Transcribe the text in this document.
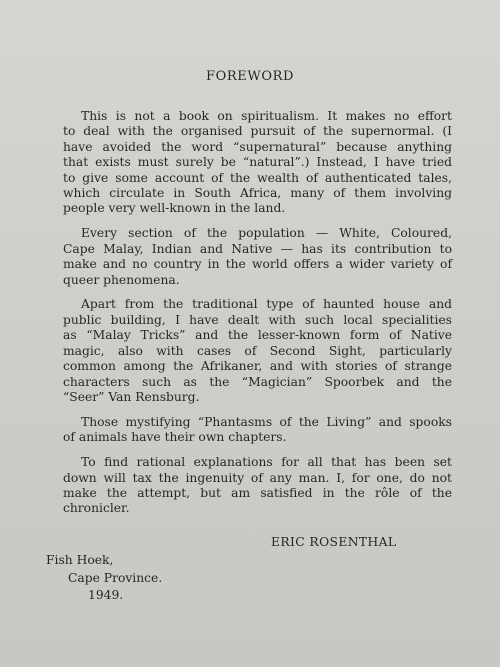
FOREWORD

This is not a book on spiritualism. It makes no effort
to deal with the organised pursuit of the supernormal. (I
have avoided the word “supernatural” because anything
that exists must surely be “natural”.) Instead, I have tried
to give some account of the wealth of authenticated tales,
which circulate in South Africa, many of them involving
people very well-known in the land.

Every section of the population — White, Coloured,
Cape Malay, Indian and Native — has its contribution to
make and no country in the world offers a wider variety of
queer phenomena.

Apart from the traditional type of haunted house and
public building, I have dealt with such local specialities
as “Malay Tricks” and the lesser-known form of Native
magic, also with cases of Second Sight, particularly
common among the Afrikaner, and with stories of strange
characters such as the “Magician” Spoorbek and the
“Seer” Van Rensburg.

Those mystifying “Phantasms of the Living” and spooks
of animals have their own chapters.

To find rational explanations for all that has been set
down will tax the ingenuity of any man. I, for one, do not
make the attempt, but am satisfied in the rôle of the
chronicler.

ERIC ROSENTHAL
Fish Hoek,
Cape Province.
1949.
